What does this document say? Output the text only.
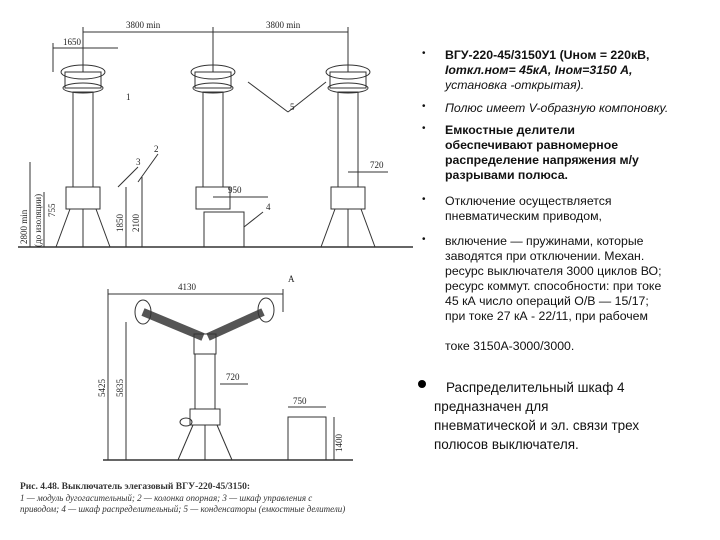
3800 min	3800 min
1650
720
950
2800 min (до изоляции) 755
1850 2100
4130
A
5425 5835
720
750
1400
1
2
3
4
5
Рис. 4.48. Выключатель элегазовый ВГУ-220-45/3150:
1 — модуль дугогасительный; 2 — колонка опорная; 3 — шкаф управления с
приводом; 4 — шкаф распределительный; 5 — конденсаторы (емкостные делители)
• ВГУ-220-45/3150У1 (Uном = 220кВ,
Iоткл.ном= 45кА, Iном=3150 А,
установка -открытая).
• Полюс имеет V-образную компоновку.
• Емкостные делители
обеспечивают равномерное
распределение напряжения м/у
разрывами полюса.
• Отключение осуществляется
пневматическим приводом,
• включение — пружинами, которые
заводятся при отключении. Механ.
ресурс выключателя 3000 циклов ВО;
ресурс коммут. способности: при токе
45 кА число операций О/В — 15/17;
при токе 27 кА - 22/11, при рабочем
токе 3150А-3000/3000.
Распределительный шкаф 4
предназначен для
пневматической и эл. связи трех
полюсов выключателя.
